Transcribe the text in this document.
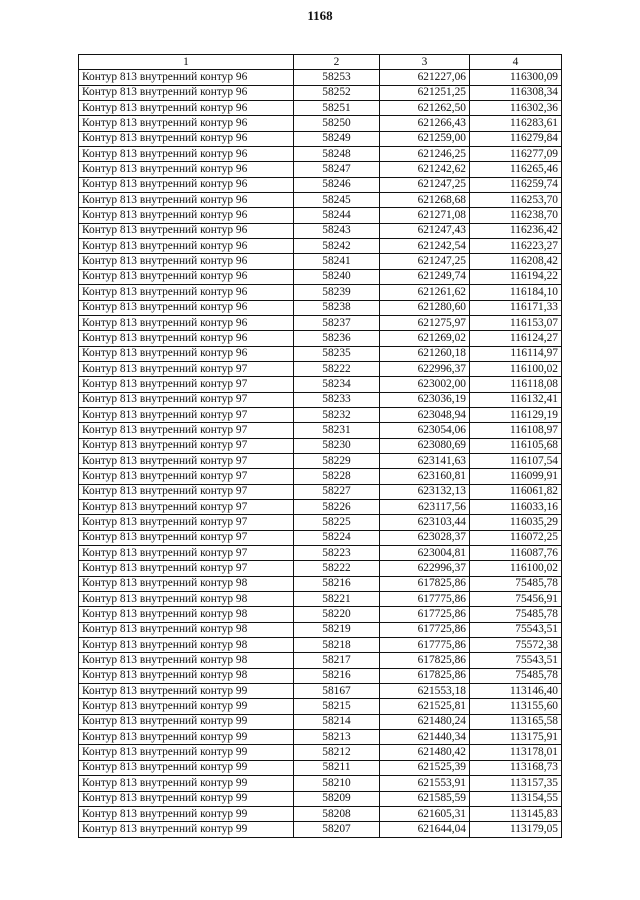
1168
1	2	3	4
Контур 813 внутренний контур 96	58253	621227,06	116300,09
Контур 813 внутренний контур 96	58252	621251,25	116308,34
Контур 813 внутренний контур 96	58251	621262,50	116302,36
Контур 813 внутренний контур 96	58250	621266,43	116283,61
Контур 813 внутренний контур 96	58249	621259,00	116279,84
Контур 813 внутренний контур 96	58248	621246,25	116277,09
Контур 813 внутренний контур 96	58247	621242,62	116265,46
Контур 813 внутренний контур 96	58246	621247,25	116259,74
Контур 813 внутренний контур 96	58245	621268,68	116253,70
Контур 813 внутренний контур 96	58244	621271,08	116238,70
Контур 813 внутренний контур 96	58243	621247,43	116236,42
Контур 813 внутренний контур 96	58242	621242,54	116223,27
Контур 813 внутренний контур 96	58241	621247,25	116208,42
Контур 813 внутренний контур 96	58240	621249,74	116194,22
Контур 813 внутренний контур 96	58239	621261,62	116184,10
Контур 813 внутренний контур 96	58238	621280,60	116171,33
Контур 813 внутренний контур 96	58237	621275,97	116153,07
Контур 813 внутренний контур 96	58236	621269,02	116124,27
Контур 813 внутренний контур 96	58235	621260,18	116114,97
Контур 813 внутренний контур 97	58222	622996,37	116100,02
Контур 813 внутренний контур 97	58234	623002,00	116118,08
Контур 813 внутренний контур 97	58233	623036,19	116132,41
Контур 813 внутренний контур 97	58232	623048,94	116129,19
Контур 813 внутренний контур 97	58231	623054,06	116108,97
Контур 813 внутренний контур 97	58230	623080,69	116105,68
Контур 813 внутренний контур 97	58229	623141,63	116107,54
Контур 813 внутренний контур 97	58228	623160,81	116099,91
Контур 813 внутренний контур 97	58227	623132,13	116061,82
Контур 813 внутренний контур 97	58226	623117,56	116033,16
Контур 813 внутренний контур 97	58225	623103,44	116035,29
Контур 813 внутренний контур 97	58224	623028,37	116072,25
Контур 813 внутренний контур 97	58223	623004,81	116087,76
Контур 813 внутренний контур 97	58222	622996,37	116100,02
Контур 813 внутренний контур 98	58216	617825,86	75485,78
Контур 813 внутренний контур 98	58221	617775,86	75456,91
Контур 813 внутренний контур 98	58220	617725,86	75485,78
Контур 813 внутренний контур 98	58219	617725,86	75543,51
Контур 813 внутренний контур 98	58218	617775,86	75572,38
Контур 813 внутренний контур 98	58217	617825,86	75543,51
Контур 813 внутренний контур 98	58216	617825,86	75485,78
Контур 813 внутренний контур 99	58167	621553,18	113146,40
Контур 813 внутренний контур 99	58215	621525,81	113155,60
Контур 813 внутренний контур 99	58214	621480,24	113165,58
Контур 813 внутренний контур 99	58213	621440,34	113175,91
Контур 813 внутренний контур 99	58212	621480,42	113178,01
Контур 813 внутренний контур 99	58211	621525,39	113168,73
Контур 813 внутренний контур 99	58210	621553,91	113157,35
Контур 813 внутренний контур 99	58209	621585,59	113154,55
Контур 813 внутренний контур 99	58208	621605,31	113145,83
Контур 813 внутренний контур 99	58207	621644,04	113179,05
